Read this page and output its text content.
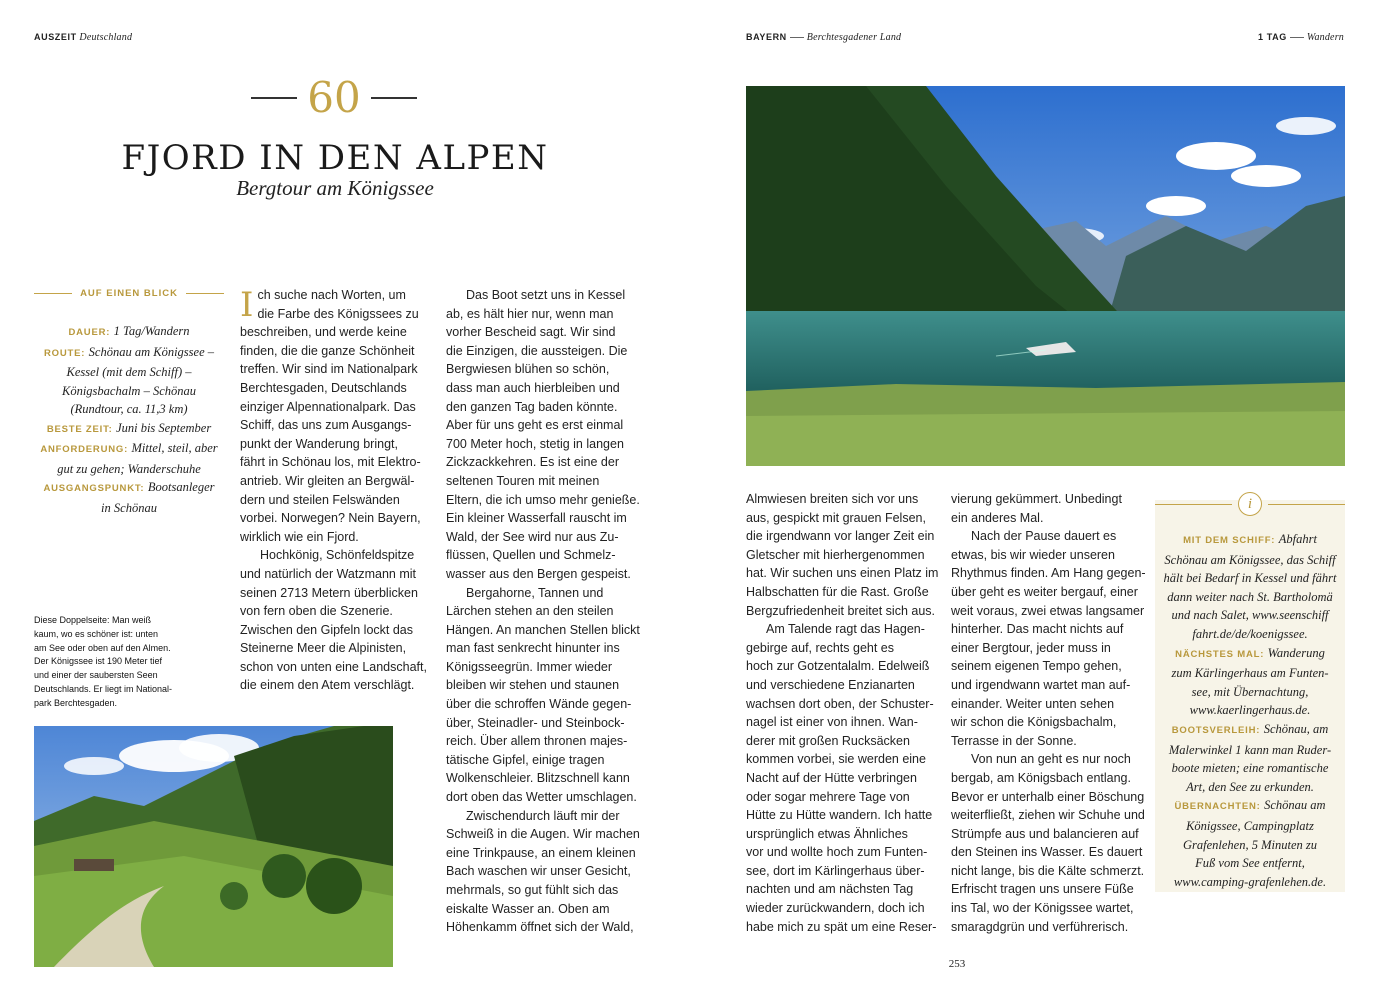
AUSZEIT Deutschland	BAYERN Berchtesgadener Land	1 TAG Wandern
60
FJORD IN DEN ALPEN
Bergtour am Königssee
AUF EINEN BLICK
DAUER: 1 Tag/Wandern
ROUTE: Schönau am Königssee –
Kessel (mit dem Schiff) –
Königsbachalm – Schönau
(Rundtour, ca. 11,3 km)
BESTE ZEIT: Juni bis September
ANFORDERUNG: Mittel, steil, aber
gut zu gehen; Wanderschuhe
AUSGANGSPUNKT: Bootsanleger
in Schönau

Diese Doppelseite: Man weiß

kaum, wo es schöner ist: unten

am See oder oben auf den Almen.

Der Königssee ist 190 Meter tief

und einer der saubersten Seen

Deutschlands. Er liegt im National-

park Berchtesgaden.

I ch suche nach Worten, um

die Farbe des Königssees zu

beschreiben, und werde keine

finden, die die ganze Schönheit

treffen. Wir sind im Nationalpark

Berchtesgaden, Deutschlands

einziger Alpennationalpark. Das

Schiff, das uns zum Ausgangs-

punkt der Wanderung bringt,

fährt in Schönau los, mit Elektro-

antrieb. Wir gleiten an Bergwäl-

dern und steilen Felswänden

vorbei. Norwegen? Nein Bayern,

wirklich wie ein Fjord.

Hochkönig, Schönfeldspitze

und natürlich der Watzmann mit

seinen 2713 Metern überblicken

von fern oben die Szenerie.

Zwischen den Gipfeln lockt das

Steinerne Meer die Alpinisten,

schon von unten eine Landschaft,

die einem den Atem verschlägt.

Das Boot setzt uns in Kessel

ab, es hält hier nur, wenn man

vorher Bescheid sagt. Wir sind

die Einzigen, die aussteigen. Die

Bergwiesen blühen so schön,

dass man auch hierbleiben und

den ganzen Tag baden könnte.

Aber für uns geht es erst einmal

700 Meter hoch, stetig in langen

Zickzackkehren. Es ist eine der

seltenen Touren mit meinen

Eltern, die ich umso mehr genieße.

Ein kleiner Wasserfall rauscht im

Wald, der See wird nur aus Zu-

flüssen, Quellen und Schmelz-

wasser aus den Bergen gespeist.

Bergahorne, Tannen und

Lärchen stehen an den steilen

Hängen. An manchen Stellen blickt

man fast senkrecht hinunter ins

Königsseegrün. Immer wieder

bleiben wir stehen und staunen

über die schroffen Wände gegen-

über, Steinadler- und Steinbock-

reich. Über allem thronen majes-

tätische Gipfel, einige tragen

Wolkenschleier. Blitzschnell kann

dort oben das Wetter umschlagen.

Zwischendurch läuft mir der

Schweiß in die Augen. Wir machen

eine Trinkpause, an einem kleinen

Bach waschen wir unser Gesicht,

mehrmals, so gut fühlt sich das

eiskalte Wasser an. Oben am

Höhenkamm öffnet sich der Wald,

Almwiesen breiten sich vor uns

aus, gespickt mit grauen Felsen,

die irgendwann vor langer Zeit ein

Gletscher mit hierhergenommen

hat. Wir suchen uns einen Platz im

Halbschatten für die Rast. Große

Bergzufriedenheit breitet sich aus.

Am Talende ragt das Hagen-

gebirge auf, rechts geht es

hoch zur Gotzentalalm. Edelweiß

und verschiedene Enzianarten

wachsen dort oben, der Schuster-

nagel ist einer von ihnen. Wan-

derer mit großen Rucksäcken

kommen vorbei, sie werden eine

Nacht auf der Hütte verbringen

oder sogar mehrere Tage von

Hütte zu Hütte wandern. Ich hatte

ursprünglich etwas Ähnliches

vor und wollte hoch zum Funten-

see, dort im Kärlingerhaus über-

nachten und am nächsten Tag

wieder zurückwandern, doch ich

habe mich zu spät um eine Reser-

vierung gekümmert. Unbedingt

ein anderes Mal.

Nach der Pause dauert es

etwas, bis wir wieder unseren

Rhythmus finden. Am Hang gegen-

über geht es weiter bergauf, einer

weit voraus, zwei etwas langsamer

hinterher. Das macht nichts auf

einer Bergtour, jeder muss in

seinem eigenen Tempo gehen,

und irgendwann wartet man auf-

einander. Weiter unten sehen

wir schon die Königsbachalm,

Terrasse in der Sonne.

Von nun an geht es nur noch

bergab, am Königsbach entlang.

Bevor er unterhalb einer Böschung

weiterfließt, ziehen wir Schuhe und

Strümpfe aus und balancieren auf

den Steinen ins Wasser. Es dauert

nicht lange, bis die Kälte schmerzt.

Erfrischt tragen uns unsere Füße

ins Tal, wo der Königssee wartet,

smaragdgrün und verführerisch.

i
MIT DEM SCHIFF: Abfahrt
Schönau am Königssee, das Schiff
hält bei Bedarf in Kessel und fährt
dann weiter nach St. Bartholomä
und nach Salet, www.seenschiff
fahrt.de/de/koenigssee.
NÄCHSTES MAL: Wanderung
zum Kärlingerhaus am Funten-
see, mit Übernachtung,
www.kaerlingerhaus.de.
BOOTSVERLEIH: Schönau, am
Malerwinkel 1 kann man Ruder-
boote mieten; eine romantische
Art, den See zu erkunden.
ÜBERNACHTEN: Schönau am
Königssee, Campingplatz
Grafenlehen, 5 Minuten zu
Fuß vom See entfernt,
www.camping-grafenlehen.de.
253
